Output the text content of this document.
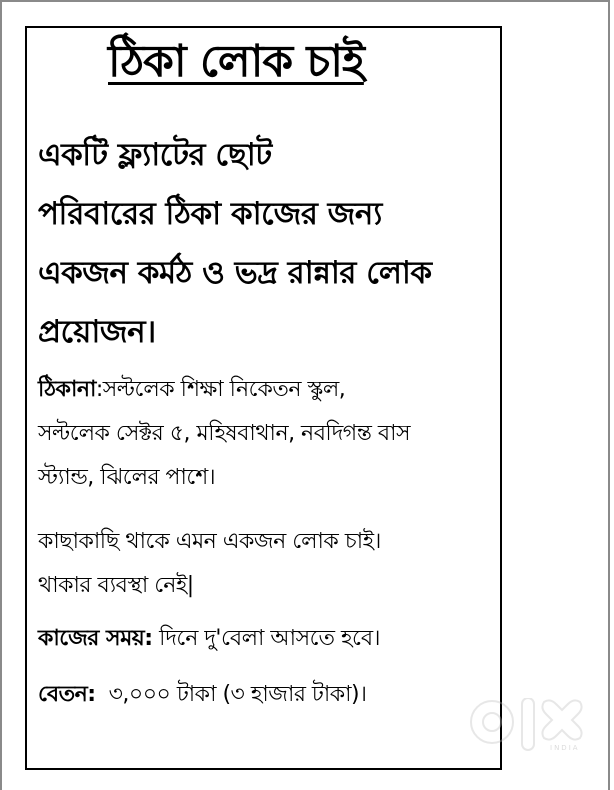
ঠিকা লোক চাই
একটি ফ্ল্যাটের ছোট
পরিবারের ঠিকা কাজের জন্য
একজন কর্মঠ ও ভদ্র রান্নার লোক
প্রয়োজন।
ঠিকানা:সল্টলেক শিক্ষা নিকেতন স্কুল,
সল্টলেক সেক্টর ৫, মহিষবাথান, নবদিগন্ত বাস
স্ট্যান্ড, ঝিলের পাশে।
কাছাকাছি থাকে এমন একজন লোক চাই।
থাকার ব্যবস্থা নেই|
কাজের সময়: দিনে দু'বেলা আসতে হবে।
বেতন: ৩,০০০ টাকা (৩ হাজার টাকা)।
INDIA
